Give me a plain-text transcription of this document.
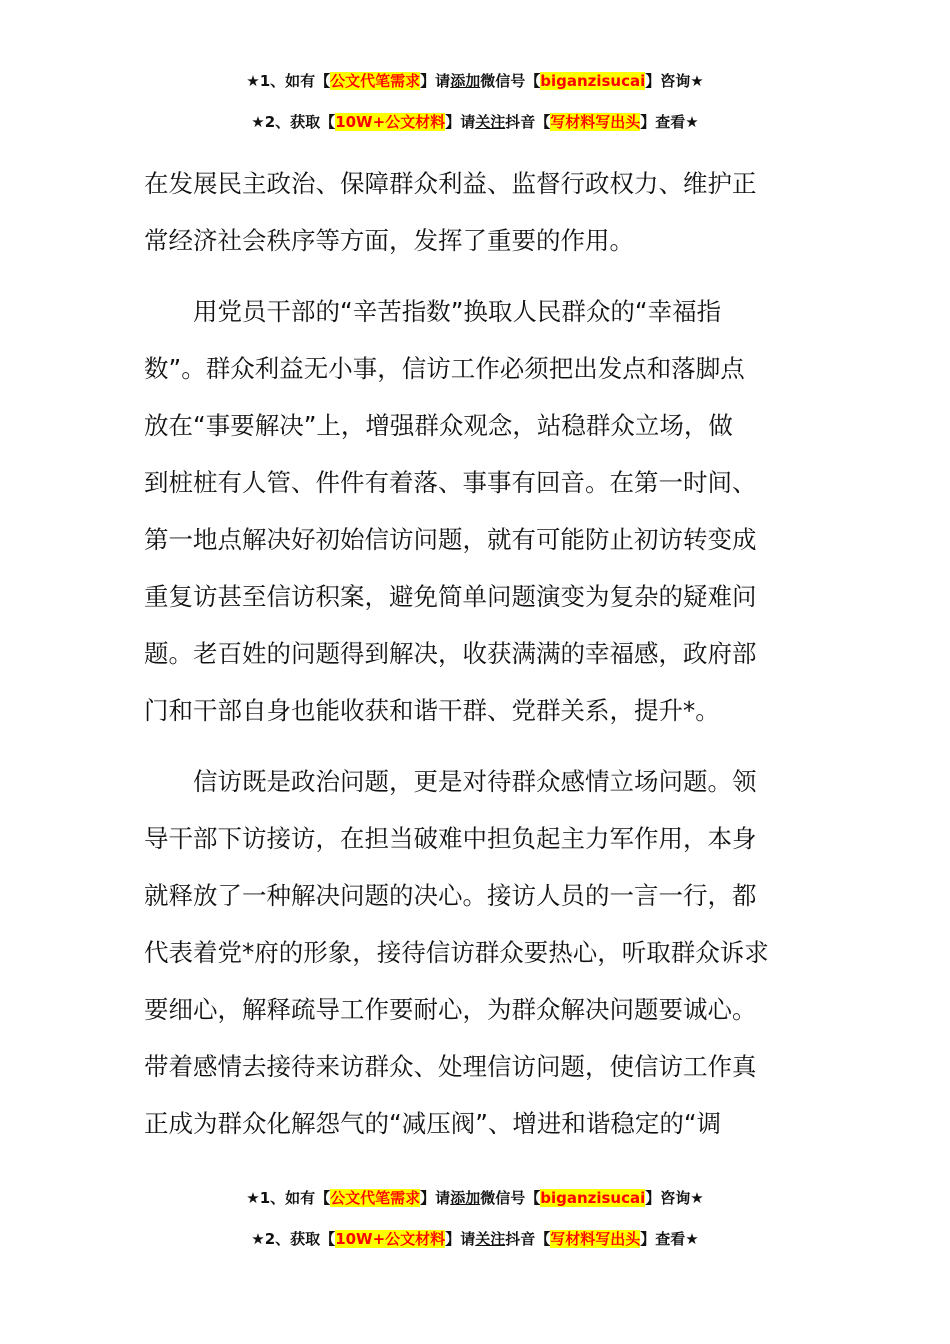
★1、如有【公文代笔需求】请添加微信号【biganzisucai】咨询★
★2、获取【10W+公文材料】请关注抖音【写材料写出头】查看★
在发展民主政治、保障群众利益、监督行政权力、维护正
常经济社会秩序等方面，发挥了重要的作用。
用党员干部的“辛苦指数”换取人民群众的“幸福指
数”。群众利益无小事，信访工作必须把出发点和落脚点
放在“事要解决”上，增强群众观念，站稳群众立场，做
到桩桩有人管、件件有着落、事事有回音。在第一时间、
第一地点解决好初始信访问题，就有可能防止初访转变成
重复访甚至信访积案，避免简单问题演变为复杂的疑难问
题。老百姓的问题得到解决，收获满满的幸福感，政府部
门和干部自身也能收获和谐干群、党群关系，提升*。
信访既是政治问题，更是对待群众感情立场问题。领
导干部下访接访，在担当破难中担负起主力军作用，本身
就释放了一种解决问题的决心。接访人员的一言一行，都
代表着党*府的形象，接待信访群众要热心，听取群众诉求
要细心，解释疏导工作要耐心，为群众解决问题要诚心。
带着感情去接待来访群众、处理信访问题，使信访工作真
正成为群众化解怨气的“减压阀”、增进和谐稳定的“调
★1、如有【公文代笔需求】请添加微信号【biganzisucai】咨询★
★2、获取【10W+公文材料】请关注抖音【写材料写出头】查看★
